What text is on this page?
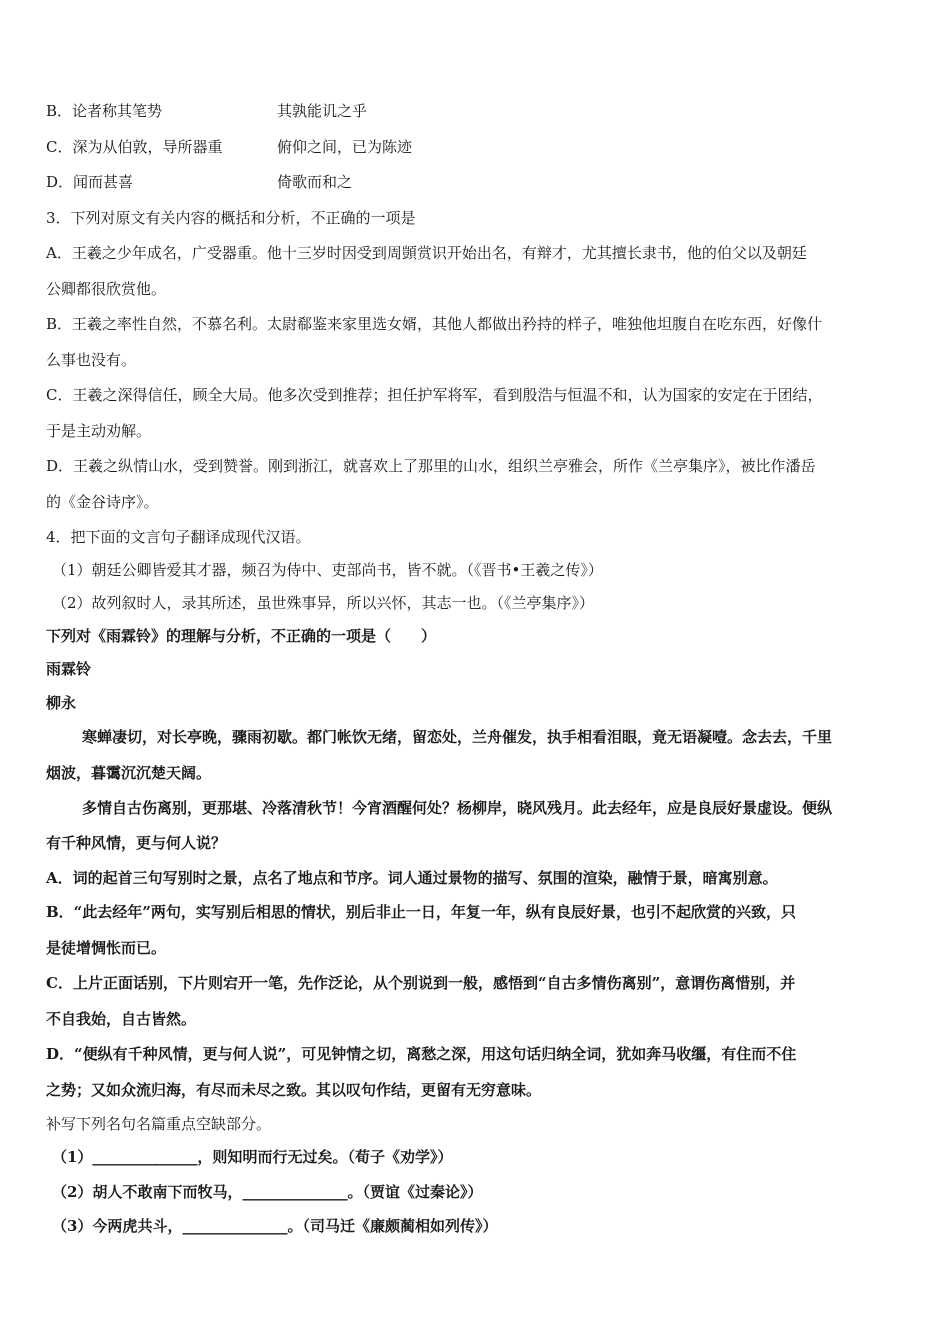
B．论者称其笔势	其孰能讥之乎
C．深为从伯敦，导所器重	俯仰之间，已为陈迹
D．闻而甚喜	倚歌而和之
3．下列对原文有关内容的概括和分析，不正确的一项是
A．王羲之少年成名，广受器重。他十三岁时因受到周顗赏识开始出名，有辩才，尤其擅长隶书，他的伯父以及朝廷
公卿都很欣赏他。
B．王羲之率性自然，不慕名利。太尉郗鉴来家里选女婿，其他人都做出矜持的样子，唯独他坦腹自在吃东西，好像什
么事也没有。
C．王羲之深得信任，顾全大局。他多次受到推荐；担任护军将军，看到殷浩与恒温不和，认为国家的安定在于团结，
于是主动劝解。
D．王羲之纵情山水，受到赞誉。刚到浙江，就喜欢上了那里的山水，组织兰亭雅会，所作《兰亭集序》，被比作潘岳
的《金谷诗序》。
4．把下面的文言句子翻译成现代汉语。
（1）朝廷公卿皆爱其才器，频召为侍中、吏部尚书，皆不就。（《晋书•王羲之传》）
（2）故列叙时人，录其所述，虽世殊事异，所以兴怀，其志一也。（《兰亭集序》）
下列对《雨霖铃》的理解与分析，不正确的一项是（　　）
雨霖铃
柳永
寒蝉凄切，对长亭晚，骤雨初歇。都门帐饮无绪，留恋处，兰舟催发，执手相看泪眼，竟无语凝噎。念去去，千里
烟波，暮霭沉沉楚天阔。
多情自古伤离别，更那堪、冷落清秋节！今宵酒醒何处？杨柳岸，晓风残月。此去经年，应是良辰好景虚设。便纵
有千种风情，更与何人说？
A．词的起首三句写别时之景，点名了地点和节序。词人通过景物的描写、氛围的渲染，融情于景，暗寓别意。
B．“此去经年”两句，实写别后相思的情状，别后非止一日，年复一年，纵有良辰好景，也引不起欣赏的兴致，只
是徒增惆怅而已。
C．上片正面话别，下片则宕开一笔，先作泛论，从个别说到一般，感悟到“自古多情伤离别”，意谓伤离惜别，并
不自我始，自古皆然。
D．“便纵有千种风情，更与何人说”，可见钟情之切，离愁之深，用这句话归纳全词，犹如奔马收缰，有住而不住
之势；又如众流归海，有尽而未尽之致。其以叹句作结，更留有无穷意味。
补写下列名句名篇重点空缺部分。
（1）______________，则知明而行无过矣。（荀子《劝学》）
（2）胡人不敢南下而牧马，______________。（贾谊《过秦论》）
（3）今两虎共斗，______________。（司马迁《廉颇蔺相如列传》）
